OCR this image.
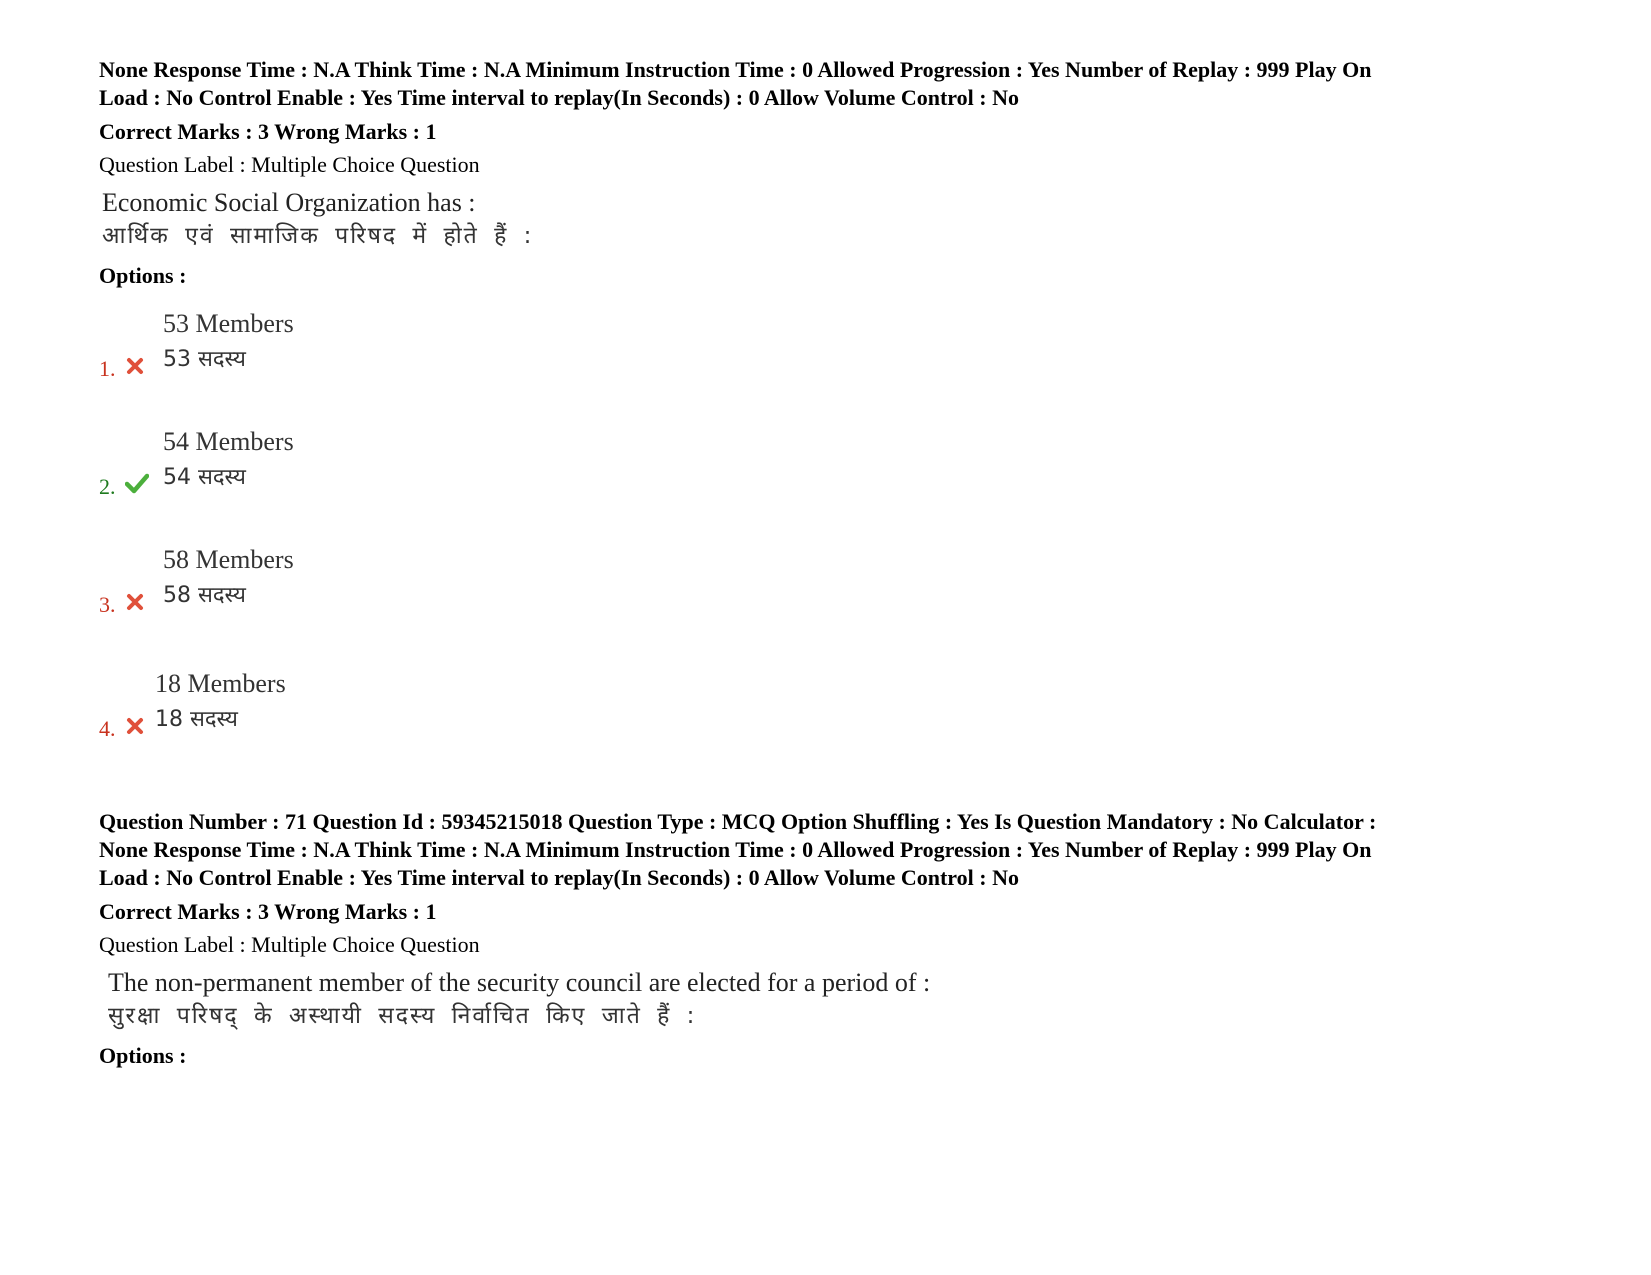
None Response Time : N.A Think Time : N.A Minimum Instruction Time : 0 Allowed Progression : Yes Number of Replay : 999 Play On

Load : No Control Enable : Yes Time interval to replay(In Seconds) : 0 Allow Volume Control : No

Correct Marks : 3 Wrong Marks : 1

Question Label : Multiple Choice Question

Economic Social Organization has :
आर्थिक एवं सामाजिक परिषद में होते हैं :

Options :

53 Members
53 सदस्य
1.
54 Members
54 सदस्य
2.
58 Members
58 सदस्य
3.
18 Members
18 सदस्य
4.

Question Number : 71 Question Id : 59345215018 Question Type : MCQ Option Shuffling : Yes Is Question Mandatory : No Calculator :

None Response Time : N.A Think Time : N.A Minimum Instruction Time : 0 Allowed Progression : Yes Number of Replay : 999 Play On

Load : No Control Enable : Yes Time interval to replay(In Seconds) : 0 Allow Volume Control : No

Correct Marks : 3 Wrong Marks : 1

Question Label : Multiple Choice Question

The non-permanent member of the security council are elected for a period of :
सुरक्षा परिषद् के अस्थायी सदस्य निर्वाचित किए जाते हैं :

Options :
